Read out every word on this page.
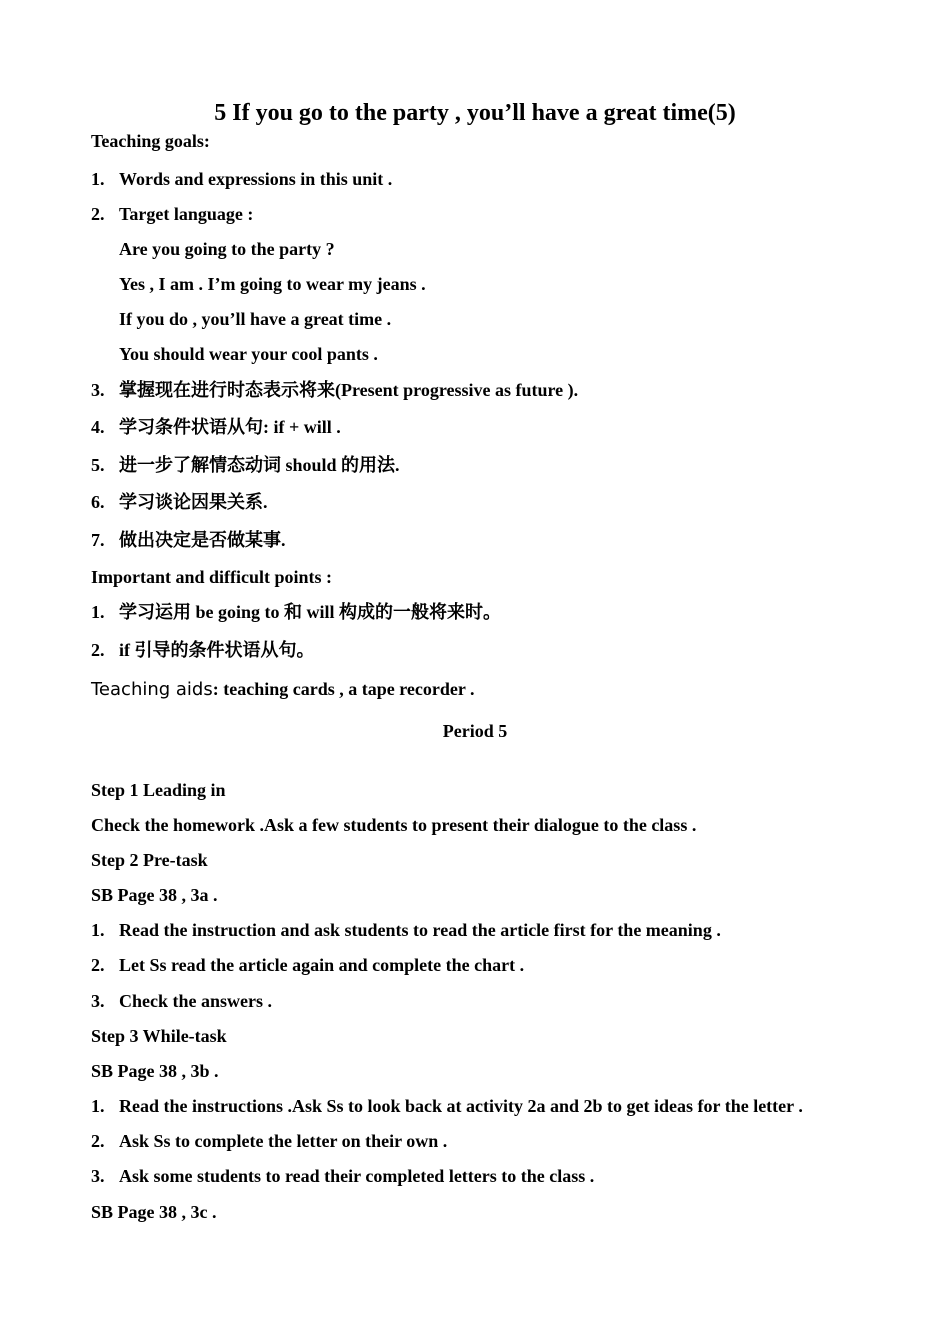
5 If you go to the party , you’ll have a great time(5)
Teaching goals:
1. Words and expressions in this unit .
2. Target language :
Are you going to the party ?
Yes , I am . I’m going to wear my jeans .
If you do , you’ll have a great time .
You should wear your cool pants .
3. 掌握现在进行时态表示将来(Present progressive as future ).
4. 学习条件状语从句: if + will .
5. 进一步了解情态动词 should 的用法.
6. 学习谈论因果关系.
7. 做出决定是否做某事.
Important and difficult points :
1. 学习运用 be going to 和 will 构成的一般将来时。
2. if 引导的条件状语从句。
Teaching aids: teaching cards , a tape recorder .
Period 5
Step 1 Leading in
Check the homework .Ask a few students to present their dialogue to the class .
Step 2 Pre-task
SB Page 38 , 3a .
1. Read the instruction and ask students to read the article first for the meaning .
2. Let Ss read the article again and complete the chart .
3. Check the answers .
Step 3 While-task
SB Page 38 , 3b .
1. Read the instructions .Ask Ss to look back at activity 2a and 2b to get ideas for the letter .
2. Ask Ss to complete the letter on their own .
3. Ask some students to read their completed letters to the class .
SB Page 38 , 3c .
